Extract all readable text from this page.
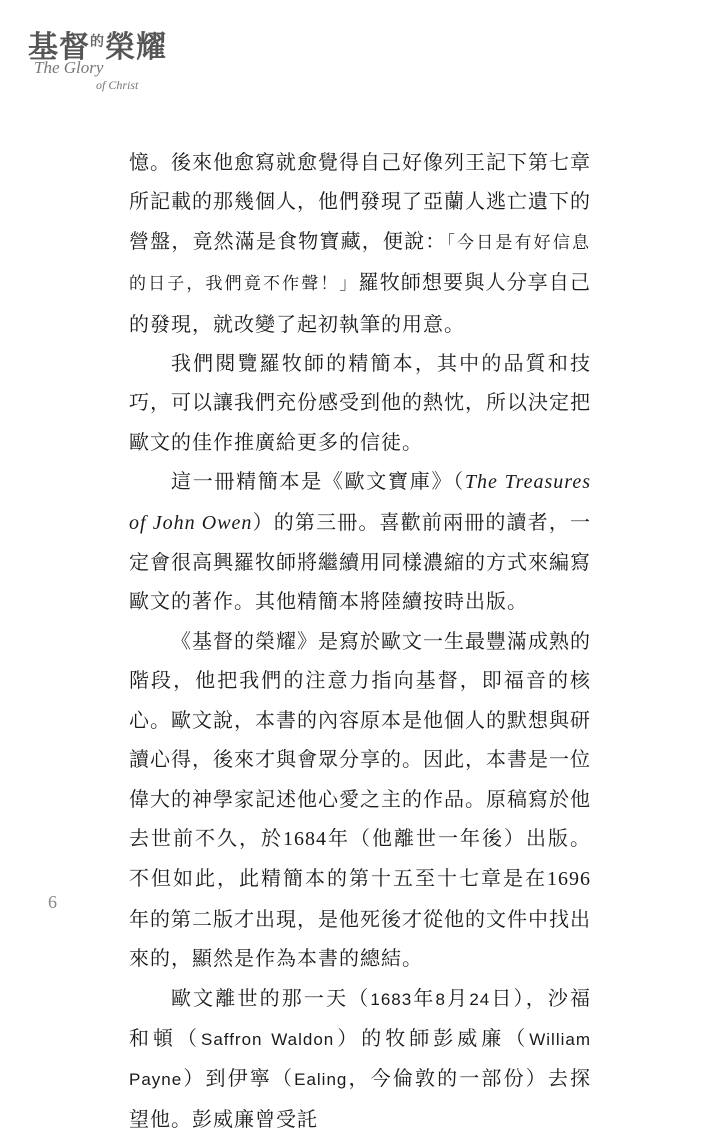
基督$^的$榮耀
The Glory
of Christ

憶。後來他愈寫就愈覺得自己好像列王記下第七章所記載的那幾個人，他們發現了亞蘭人逃亡遺下的營盤，竟然滿是食物寶藏，便說：「今日是有好信息的日子，我們竟不作聲！」羅牧師想要與人分享自己的發現，就改變了起初執筆的用意。

我們閱覽羅牧師的精簡本，其中的品質和技巧，可以讓我們充份感受到他的熱忱，所以決定把歐文的佳作推廣給更多的信徒。

這一冊精簡本是《歐文寶庫》（The Treasures of John Owen）的第三冊。喜歡前兩冊的讀者，一定會很高興羅牧師將繼續用同樣濃縮的方式來編寫歐文的著作。其他精簡本將陸續按時出版。

《基督的榮耀》是寫於歐文一生最豐滿成熟的階段，他把我們的注意力指向基督，即福音的核心。歐文說，本書的內容原本是他個人的默想與研讀心得，後來才與會眾分享的。因此，本書是一位偉大的神學家記述他心愛之主的作品。原稿寫於他去世前不久，於1684年（他離世一年後）出版。不但如此，此精簡本的第十五至十七章是在1696年的第二版才出現，是他死後才從他的文件中找出來的，顯然是作為本書的總結。

歐文離世的那一天（1683年8月24日），沙福和頓（Saffron Waldon）的牧師彭威廉（William Payne）到伊寧（Ealing，今倫敦的一部份）去探望他。彭威廉曾受託

6
